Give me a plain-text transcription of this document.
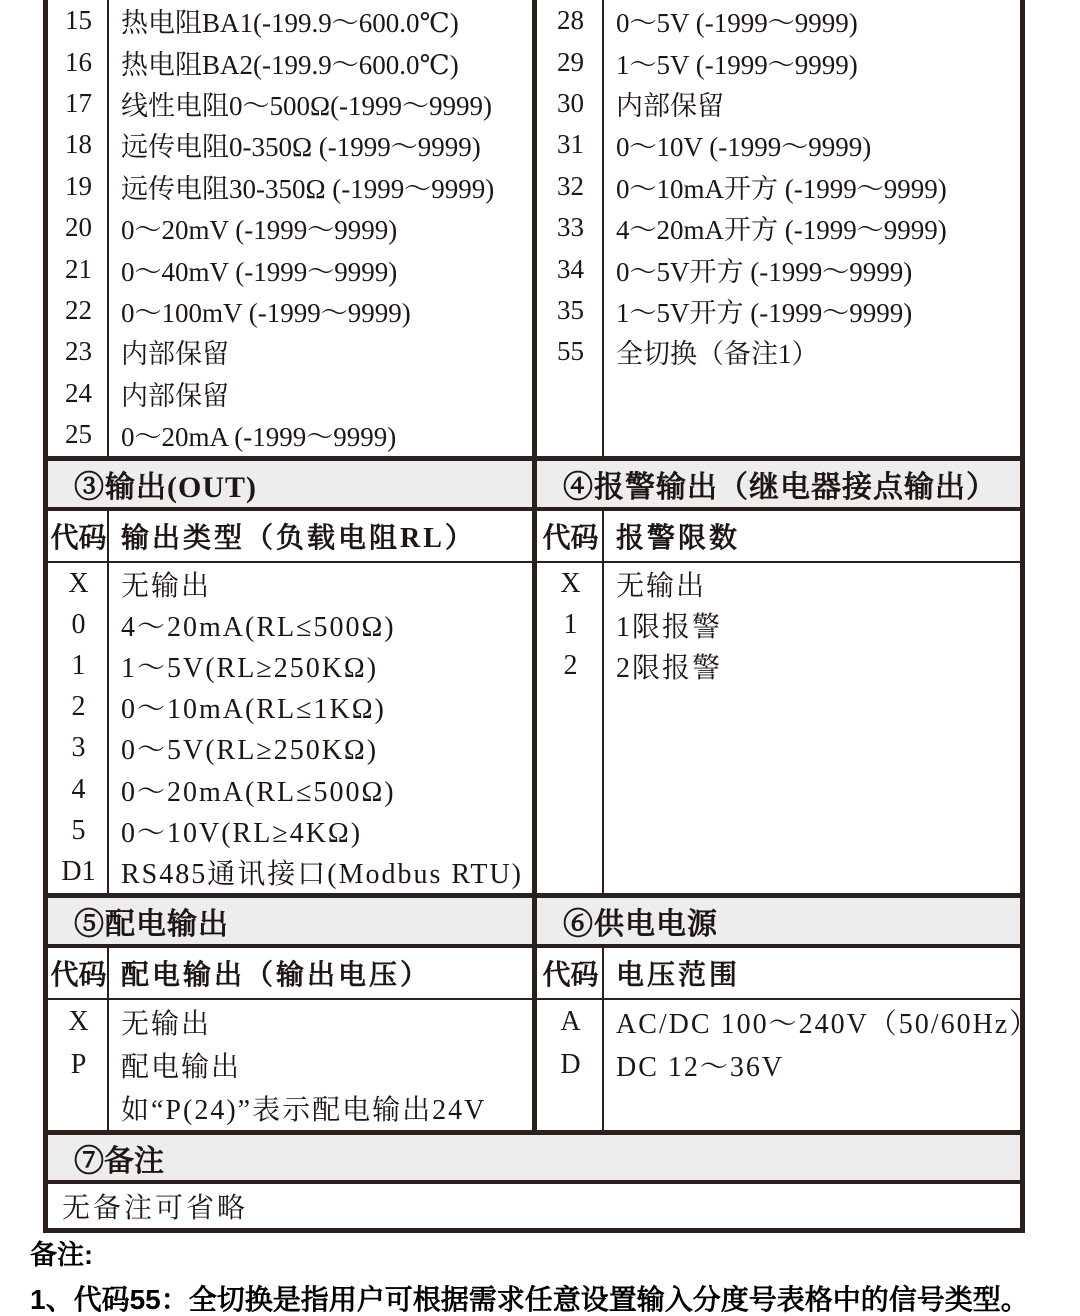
15	热电阻BA1(-199.9～600.0℃)
16	热电阻BA2(-199.9～600.0℃)
17	线性电阻0～500Ω(-1999～9999)
18	远传电阻0-350Ω (-1999～9999)
19	远传电阻30-350Ω (-1999～9999)
20	0～20mV (-1999～9999)
21	0～40mV (-1999～9999)
22	0～100mV (-1999～9999)
23	内部保留
24	内部保留
25	0～20mA (-1999～9999)
28	0～5V (-1999～9999)
29	1～5V (-1999～9999)
30	内部保留
31	0～10V (-1999～9999)
32	0～10mA开方 (-1999～9999)
33	4～20mA开方 (-1999～9999)
34	0～5V开方 (-1999～9999)
35	1～5V开方 (-1999～9999)
55	全切换（备注1）
③输出(OUT)	④报警输出（继电器接点输出）
代码 输出类型（负载电阻RL）	代码 报警限数
X	无输出
0	4～20mA(RL≤500Ω)
1	1～5V(RL≥250KΩ)
2	0～10mA(RL≤1KΩ)
3	0～5V(RL≥250KΩ)
4	0～20mA(RL≤500Ω)
5	0～10V(RL≥4KΩ)
D1 RS485通讯接口(Modbus RTU)
X	无输出
1	1限报警
2	2限报警
⑤配电输出	⑥供电电源
代码 配电输出（输出电压）	代码 电压范围
X	无输出
P	配电输出
如“P(24)”表示配电输出24V
A	AC/DC 100～240V（50/60Hz）
D	DC 12～36V
⑦备注
无备注可省略
备注:
1、代码55：全切换是指用户可根据需求任意设置输入分度号表格中的信号类型。
